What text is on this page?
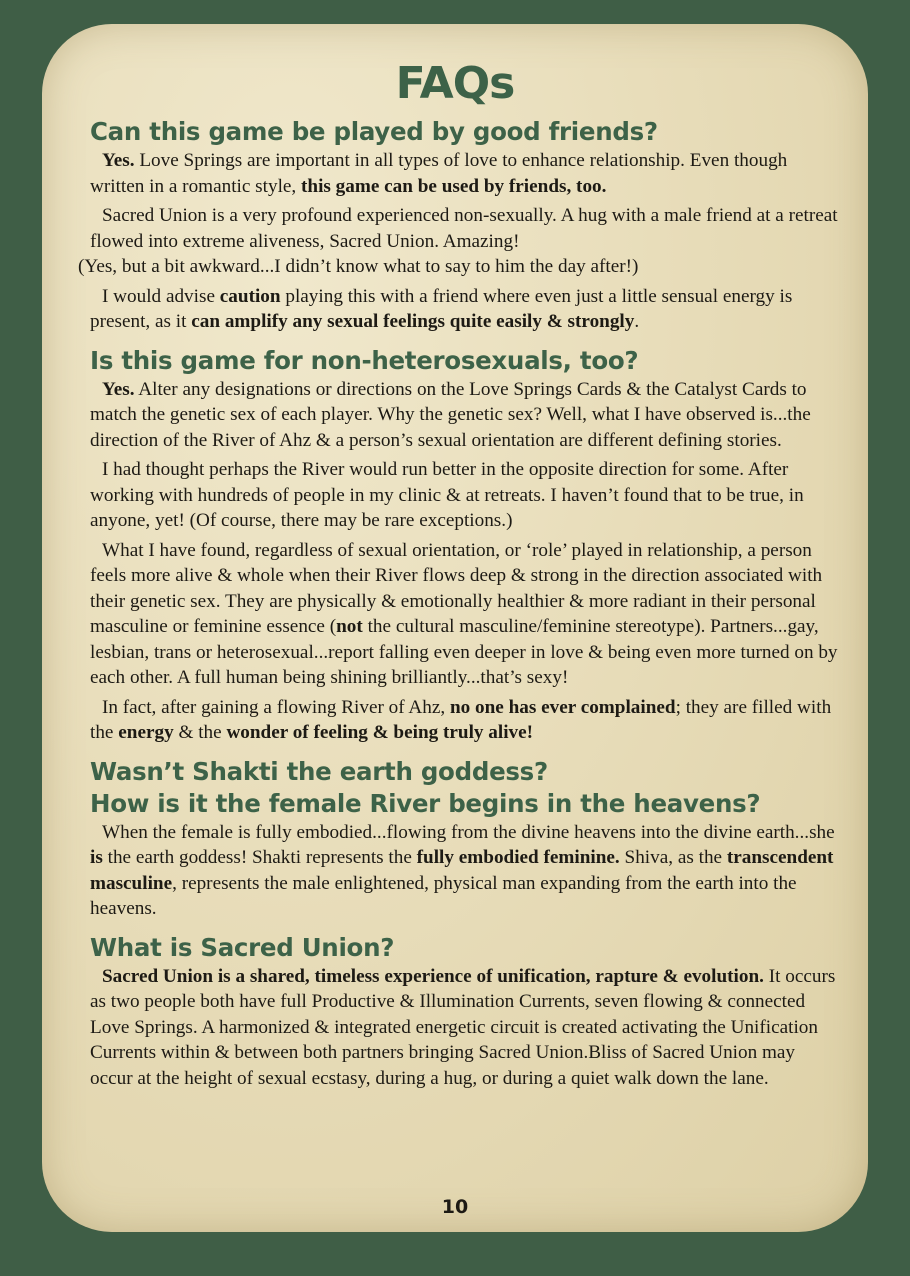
FAQs
Can this game be played by good friends?

Yes. Love Springs are important in all types of love to enhance relationship. Even though written in a romantic style, this game can be used by friends, too.

Sacred Union is a very profound experienced non-sexually. A hug with a male friend at a retreat flowed into extreme aliveness, Sacred Union. Amazing!
(Yes, but a bit awkward...I didn’t know what to say to him the day after!)

I would advise caution playing this with a friend where even just a little sensual energy is present, as it can amplify any sexual feelings quite easily & strongly.

Is this game for non-heterosexuals, too?

Yes. Alter any designations or directions on the Love Springs Cards & the Catalyst Cards to match the genetic sex of each player. Why the genetic sex? Well, what I have observed is...the direction of the River of Ahz & a person’s sexual orientation are different defining stories.

I had thought perhaps the River would run better in the opposite direction for some. After working with hundreds of people in my clinic & at retreats. I haven’t found that to be true, in anyone, yet! (Of course, there may be rare exceptions.)

What I have found, regardless of sexual orientation, or ‘role’ played in relationship, a person feels more alive & whole when their River flows deep & strong in the direction associated with their genetic sex. They are physically & emotionally healthier & more radiant in their personal masculine or feminine essence (not the cultural masculine/feminine stereotype). Partners...gay, lesbian, trans or heterosexual...report falling even deeper in love & being even more turned on by each other. A full human being shining brilliantly...that’s sexy!

In fact, after gaining a flowing River of Ahz, no one has ever complained; they are filled with the energy & the wonder of feeling & being truly alive!

Wasn’t Shakti the earth goddess?
How is it the female River begins in the heavens?

When the female is fully embodied...flowing from the divine heavens into the divine earth...she is the earth goddess! Shakti represents the fully embodied feminine. Shiva, as the transcendent masculine, represents the male enlightened, physical man expanding from the earth into the heavens.

What is Sacred Union?

Sacred Union is a shared, timeless experience of unification, rapture & evolution. It occurs as two people both have full Productive & Illumination Currents, seven flowing & connected Love Springs. A harmonized & integrated energetic circuit is created activating the Unification Currents within & between both partners bringing Sacred Union.Bliss of Sacred Union may occur at the height of sexual ecstasy, during a hug, or during a quiet walk down the lane.

10
